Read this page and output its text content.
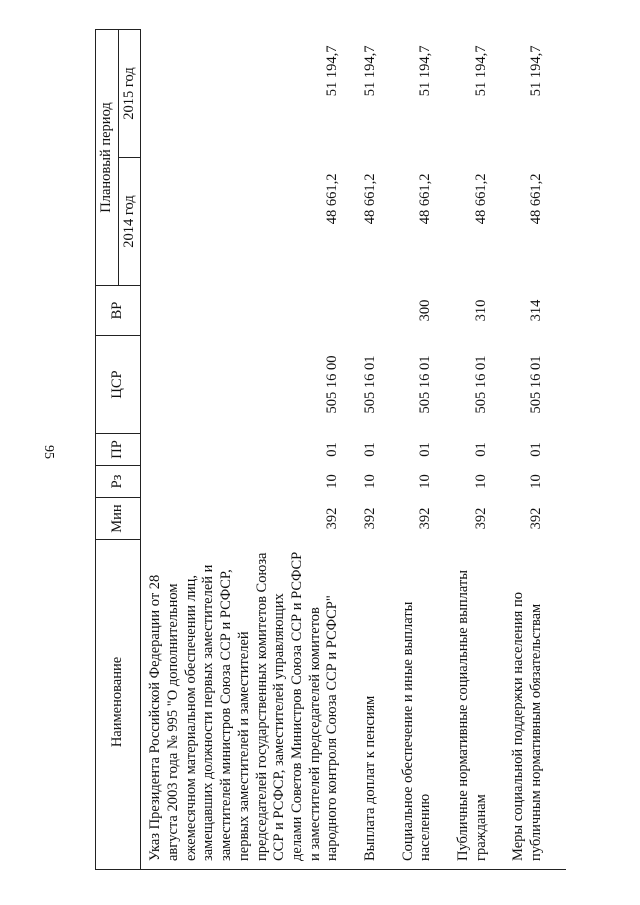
95
Наименование	Мин	Рз	ПР	ЦСР	ВР	Плановый период	
						2014 год	2015 год
Указ Президента Российской Федерации от 28 августа 2003 года № 995 "О дополнительном ежемесячном материальном обеспечении лиц, замещавших должности первых заместителей и заместителей министров Союза ССР и РСФСР, первых заместителей и заместителей председателей государственных комитетов Союза ССР и РСФСР, заместителей управляющих делами Советов Министров Союза ССР и РСФСР и заместителей председателей комитетов народного контроля Союза ССР и РСФСР"	392	10	01	505 16 00		48 661,2	51 194,7
Выплата доплат к пенсиям	392	10	01	505 16 01		48 661,2	51 194,7
Социальное обеспечение и иные выплаты населению	392	10	01	505 16 01	300	48 661,2	51 194,7
Публичные нормативные социальные выплаты гражданам	392	10	01	505 16 01	310	48 661,2	51 194,7
Меры социальной поддержки населения по публичным нормативным обязательствам	392	10	01	505 16 01	314	48 661,2	51 194,7
